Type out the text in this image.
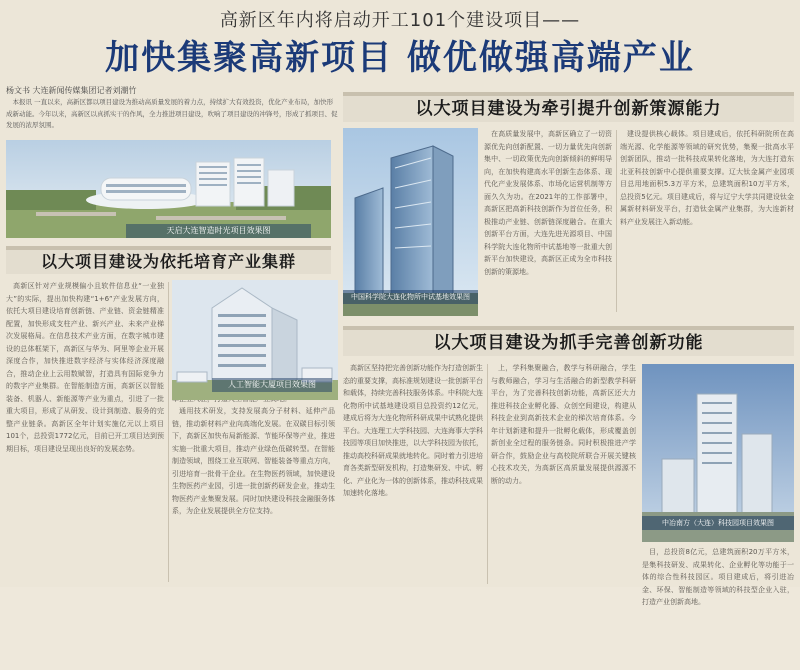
高新区年内将启动开工101个建设项目——
加快集聚高新项目 做优做强高端产业
杨文书 大连新闻传媒集团记者刘潮竹
本报讯 一直以来，高新区都以项目建设为推动高质量发展的着力点，持续扩大有效投资，优化产业布局，加快形成新动能。今年以来，高新区以真抓实干的作风，全力推进项目建设，吹响了项目建设的冲锋号，形成了抓项目、促发展的浓厚氛围。
天启大连智造时光项目效果图
以大项目建设为依托培育产业集群
高新区针对产业规模偏小且软件信息业“一业独大”的实际，提出加快构建“1+6”产业发展方向，依托大项目建设培育创新链、产业链、资金链精准配置，加快形成支柱产业、新兴产业、未来产业梯次发展格局。在信息技术产业方面，在数字城市建设的总体框架下，高新区与华为、阿里等企业开展深度合作，加快推进数字经济与实体经济深度融合，推动企业上云用数赋智，打造具有国际竞争力的数字产业集群。在智能制造方面，高新区以智能装备、机器人、新能源等产业为重点，引进了一批重大项目，形成了从研发、设计到制造、服务的完整产业链条。高新区全年计划实施亿元以上项目101个，总投资1772亿元，目前已开工项目达到预期目标，项目建设呈现出良好的发展态势。
人工智能大厦项目效果图
通用技术研发，支持发展高分子材料、延伸产品链，推动新材料产业向高端化发展。在双碳目标引领下，高新区加快布局新能源、节能环保等产业，推进实施一批重大项目，推动产业绿色低碳转型。在智能制造领域，围绕工业互联网、智能装备等重点方向，引进培育一批骨干企业。在生物医药领域，加快建设生物医药产业园，引进一批创新药研发企业，推动生物医药产业集聚发展。同时加快建设科技金融服务体系，为企业发展提供全方位支持。
以大项目建设为牵引提升创新策源能力
中国科学院大连化物所中试基地效果图
在高质量发展中，高新区确立了一切资源优先向创新配置、一切力量优先向创新集中、一切政策优先向创新倾斜的鲜明导向，在加快构建高水平创新生态体系、现代化产业发展体系、市场化运营机制等方面久久为功。在2021年的工作部署中，高新区把高新科技创新作为首位任务，积极推动产业链、创新链深度融合。在重大创新平台方面，大连先进光源项目、中国科学院大连化物所中试基地等一批重大创新平台加快建设，高新区正成为全市科技创新的策源地。
建设提供核心载体。项目建成后，依托科研院所在高端光源、化学能源等领域的研究优势，集聚一批高水平创新团队，推动一批科技成果转化落地，为大连打造东北亚科技创新中心提供重要支撑。辽大钛金属产业园项目总用地面积5.3万平方米，总建筑面积10万平方米，总投资5亿元。项目建成后，将与辽宁大学共同建设钛金属新材料研发平台，打造钛金属产业集群，为大连新材料产业发展注入新动能。
以大项目建设为抓手完善创新功能
高新区坚持把完善创新功能作为打造创新生态的重要支撑，高标准规划建设一批创新平台和载体，持续完善科技服务体系。中科院大连化物所中试基地建设项目总投资约12亿元，建成后将为大连化物所科研成果中试熟化提供平台。大连理工大学科技园、大连海事大学科技园等项目加快推进，以大学科技园为依托，推动高校科研成果就地转化。同时着力引进培育各类新型研发机构，打造集研发、中试、孵化、产业化为一体的创新体系，推动科技成果加速转化落地。
上，学科集聚融合，教学与科研融合，学生与教师融合，学习与生活融合的新型教学科研平台，为了完善科技创新功能，高新区还大力推进科技企业孵化器、众创空间建设，构建从科技企业到高新技术企业的梯次培育体系。今年计划新建和提升一批孵化载体，形成覆盖创新创业全过程的服务链条。同时积极推进产学研合作，鼓励企业与高校院所联合开展关键核心技术攻关，为高新区高质量发展提供源源不断的动力。
中冶南方（大连）科技园项目效果图
目，总投资8亿元，总建筑面积20万平方米，是集科技研发、成果转化、企业孵化等功能于一体的综合性科技园区。项目建成后，将引进冶金、环保、智能制造等领域的科技型企业入驻，打造产业创新高地。
